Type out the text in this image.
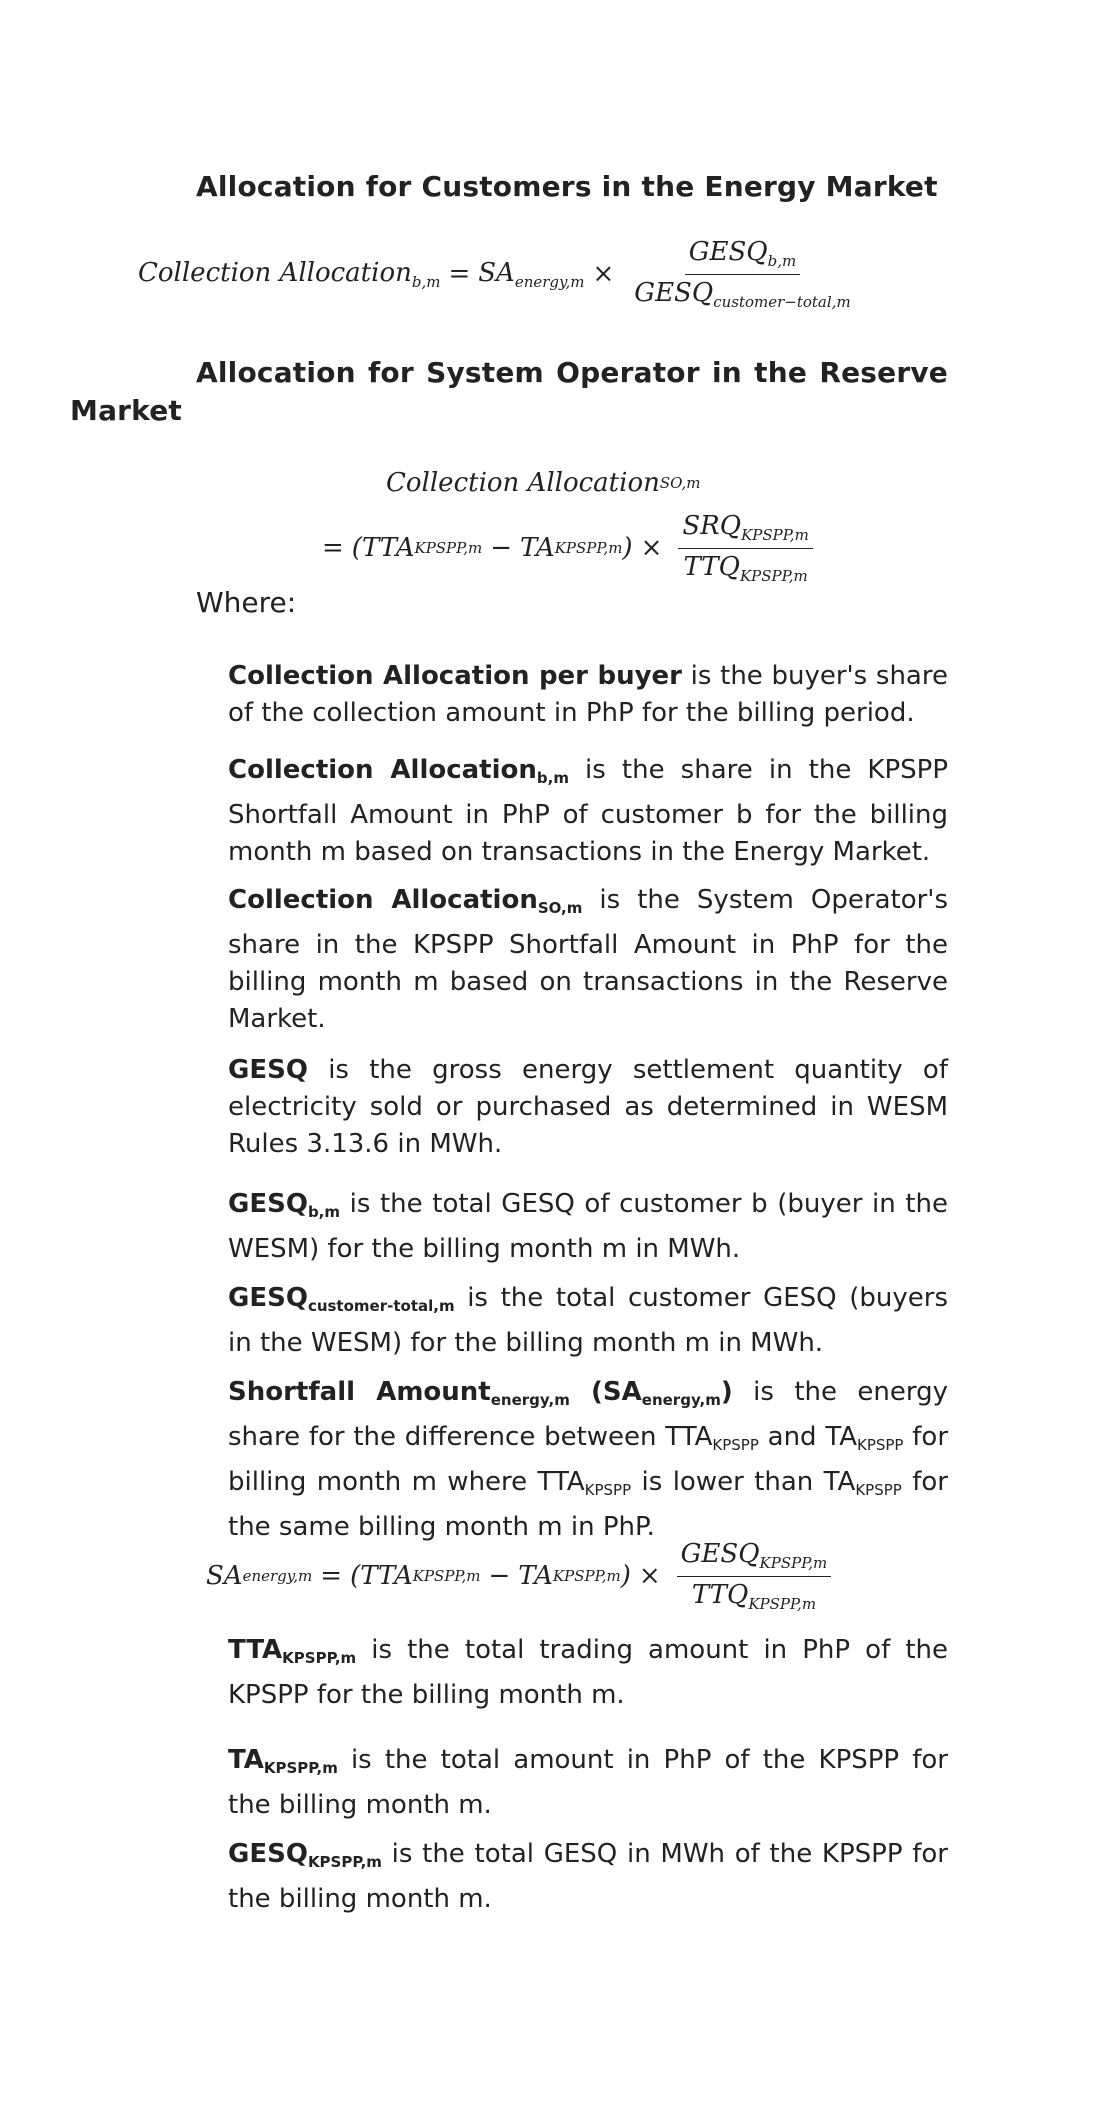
Allocation for Customers in the Energy Market
Collection Allocation$_{b,m}$ = $SA_{energy,m} \times \frac{GESQ_{b,m}}{GESQ_{customer-total,m}}$
Allocation for System Operator in the Reserve
Market
Collection Allocation SO,m
= ( TTA KPSPP,m − TA KPSPP,m ) × $\frac{SRQ_{KPSPP,m}}{TTQ_{KPSPP,m}}$
Where:
Collection Allocation per buyer is the buyer's share of the collection amount in PhP for the billing period.
Collection Allocationb,m is the share in the KPSPP Shortfall Amount in PhP of customer b for the billing month m based on transactions in the Energy Market.
Collection AllocationSO,m is the System Operator's share in the KPSPP Shortfall Amount in PhP for the billing month m based on transactions in the Reserve Market.
GESQ is the gross energy settlement quantity of electricity sold or purchased as determined in WESM Rules 3.13.6 in MWh.
GESQb,m is the total GESQ of customer b (buyer in the WESM) for the billing month m in MWh.
GESQcustomer-total,m is the total customer GESQ (buyers in the WESM) for the billing month m in MWh.
Shortfall Amountenergy,m (SAenergy,m) is the energy share for the difference between TTAKPSPP and TAKPSPP for billing month m where TTAKPSPP is lower than TAKPSPP for the same billing month m in PhP.
SA energy,m = ( TTA KPSPP,m − TA KPSPP,m ) × $\frac{GESQ_{KPSPP,m}}{TTQ_{KPSPP,m}}$
TTAKPSPP,m is the total trading amount in PhP of the KPSPP for the billing month m.
TAKPSPP,m is the total amount in PhP of the KPSPP for the billing month m.
GESQKPSPP,m is the total GESQ in MWh of the KPSPP for the billing month m.
